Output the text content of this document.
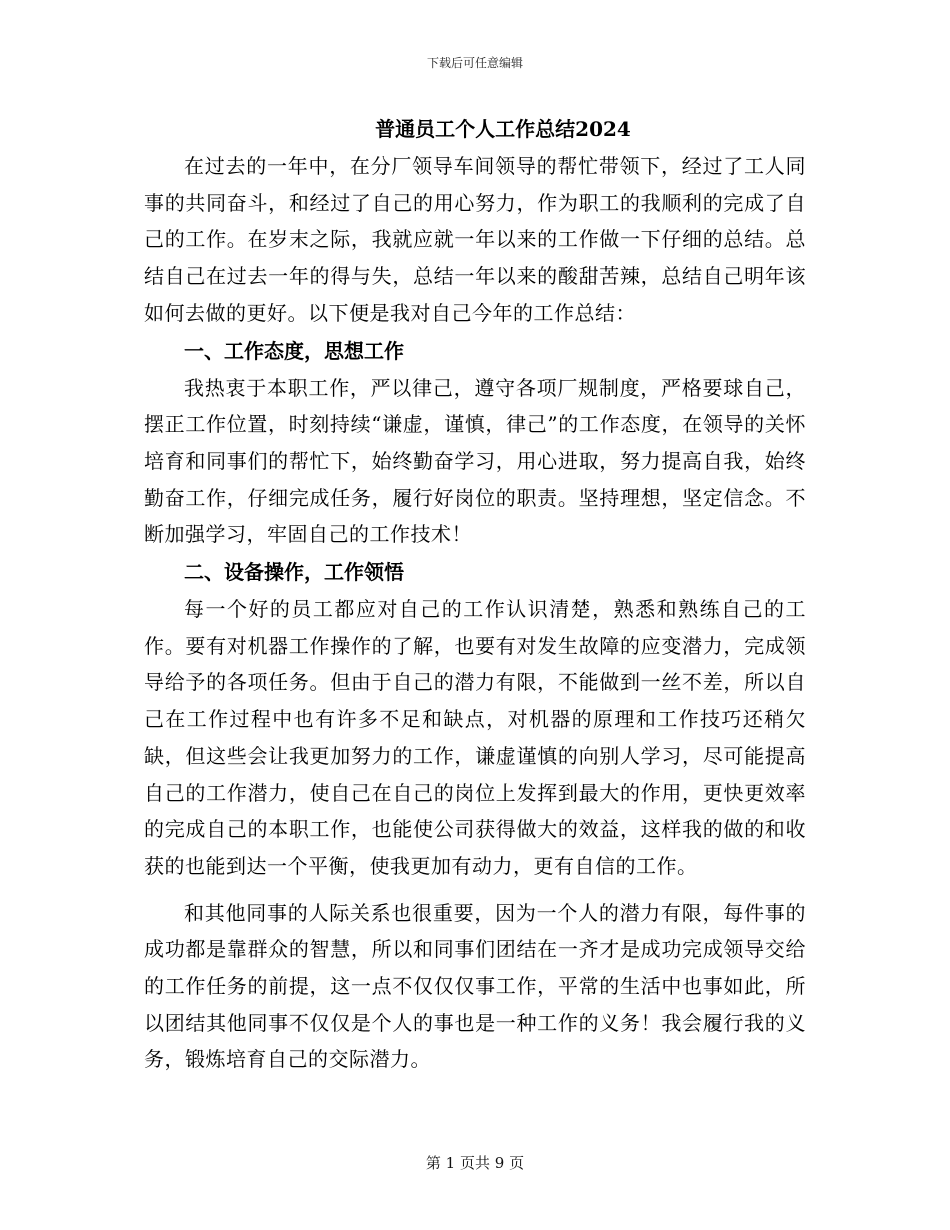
下载后可任意编辑
普通员工个人工作总结2024

在过去的一年中，在分厂领导车间领导的帮忙带领下，经过了工人同事的共同奋斗，和经过了自己的用心努力，作为职工的我顺利的完成了自己的工作。在岁末之际，我就应就一年以来的工作做一下仔细的总结。总结自己在过去一年的得与失，总结一年以来的酸甜苦辣，总结自己明年该如何去做的更好。以下便是我对自己今年的工作总结：

一、工作态度，思想工作

我热衷于本职工作，严以律己，遵守各项厂规制度，严格要球自己，摆正工作位置，时刻持续“谦虚，谨慎，律己”的工作态度，在领导的关怀培育和同事们的帮忙下，始终勤奋学习，用心进取，努力提高自我，始终勤奋工作，仔细完成任务，履行好岗位的职责。坚持理想，坚定信念。不断加强学习，牢固自己的工作技术！

二、设备操作，工作领悟

每一个好的员工都应对自己的工作认识清楚，熟悉和熟练自己的工作。要有对机器工作操作的了解，也要有对发生故障的应变潜力，完成领导给予的各项任务。但由于自己的潜力有限，不能做到一丝不差，所以自己在工作过程中也有许多不足和缺点，对机器的原理和工作技巧还稍欠缺，但这些会让我更加努力的工作，谦虚谨慎的向别人学习，尽可能提高自己的工作潜力，使自己在自己的岗位上发挥到最大的作用，更快更效率的完成自己的本职工作，也能使公司获得做大的效益，这样我的做的和收获的也能到达一个平衡，使我更加有动力，更有自信的工作。

和其他同事的人际关系也很重要，因为一个人的潜力有限，每件事的成功都是靠群众的智慧，所以和同事们团结在一齐才是成功完成领导交给的工作任务的前提，这一点不仅仅仅事工作，平常的生活中也事如此，所以团结其他同事不仅仅是个人的事也是一种工作的义务！我会履行我的义务，锻炼培育自己的交际潜力。

第 1 页共 9 页
